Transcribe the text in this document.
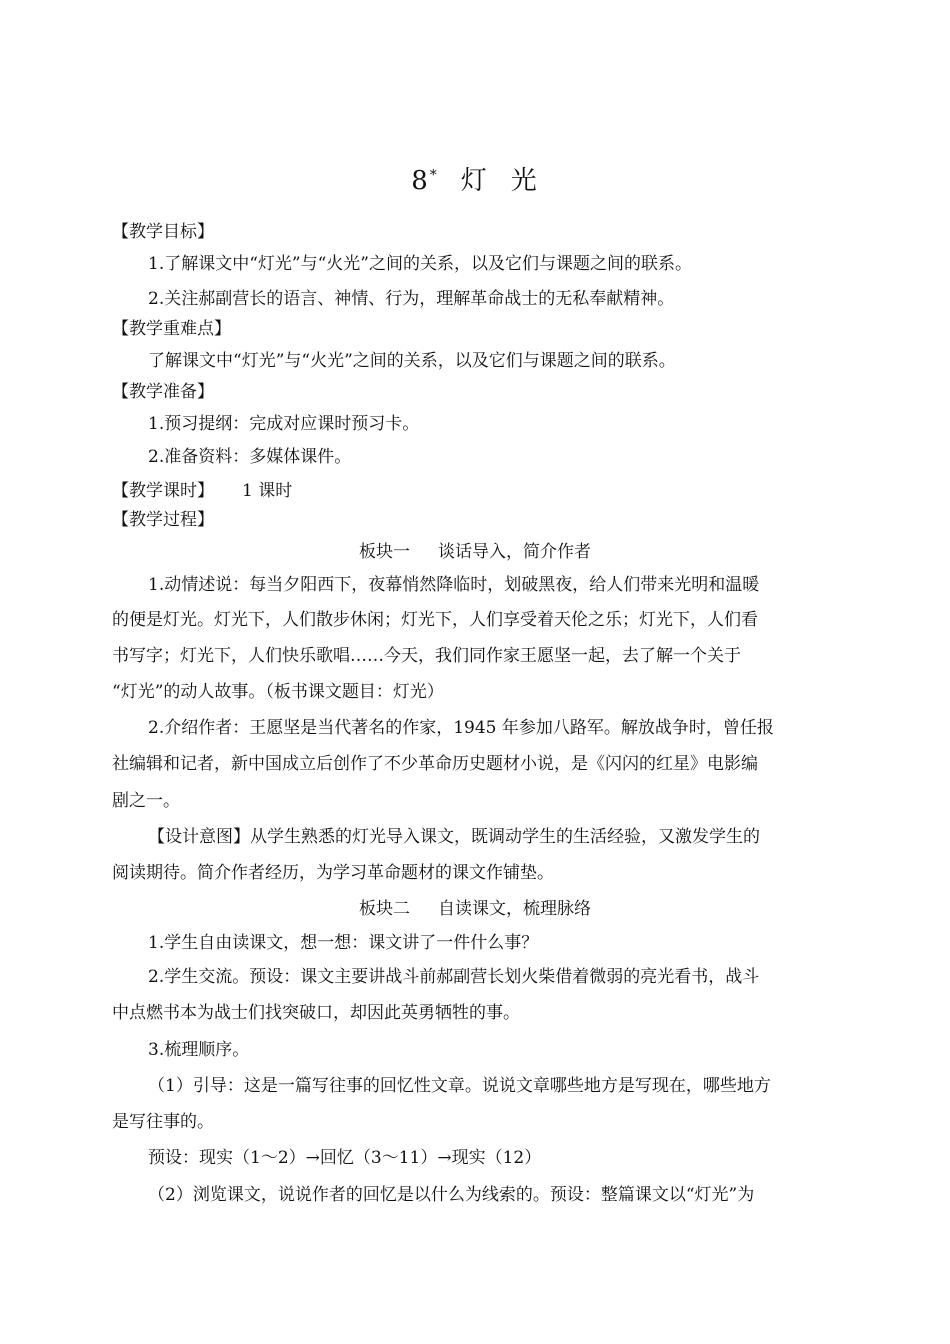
8* 灯 光
【教学目标】
1.了解课文中“灯光”与“火光”之间的关系，以及它们与课题之间的联系。
2.关注郝副营长的语言、神情、行为，理解革命战士的无私奉献精神。
【教学重难点】
了解课文中“灯光”与“火光”之间的关系，以及它们与课题之间的联系。
【教学准备】
1.预习提纲：完成对应课时预习卡。
2.准备资料：多媒体课件。
【教学课时】 1 课时
【教学过程】
板块一 谈话导入，简介作者
1.动情述说：每当夕阳西下，夜幕悄然降临时，划破黑夜，给人们带来光明和温暖
的便是灯光。灯光下，人们散步休闲；灯光下，人们享受着天伦之乐；灯光下，人们看
书写字；灯光下，人们快乐歌唱……今天，我们同作家王愿坚一起，去了解一个关于
“灯光”的动人故事。（板书课文题目：灯光）
2.介绍作者：王愿坚是当代著名的作家，1945 年参加八路军。解放战争时，曾任报
社编辑和记者，新中国成立后创作了不少革命历史题材小说，是《闪闪的红星》电影编
剧之一。
【设计意图】从学生熟悉的灯光导入课文，既调动学生的生活经验，又激发学生的
阅读期待。简介作者经历，为学习革命题材的课文作铺垫。
板块二 自读课文，梳理脉络
1.学生自由读课文，想一想：课文讲了一件什么事？
2.学生交流。预设：课文主要讲战斗前郝副营长划火柴借着微弱的亮光看书，战斗
中点燃书本为战士们找突破口，却因此英勇牺牲的事。
3.梳理顺序。
（1）引导：这是一篇写往事的回忆性文章。说说文章哪些地方是写现在，哪些地方
是写往事的。
预设：现实（1～2）→回忆（3～11）→现实（12）
（2）浏览课文，说说作者的回忆是以什么为线索的。预设：整篇课文以“灯光”为
